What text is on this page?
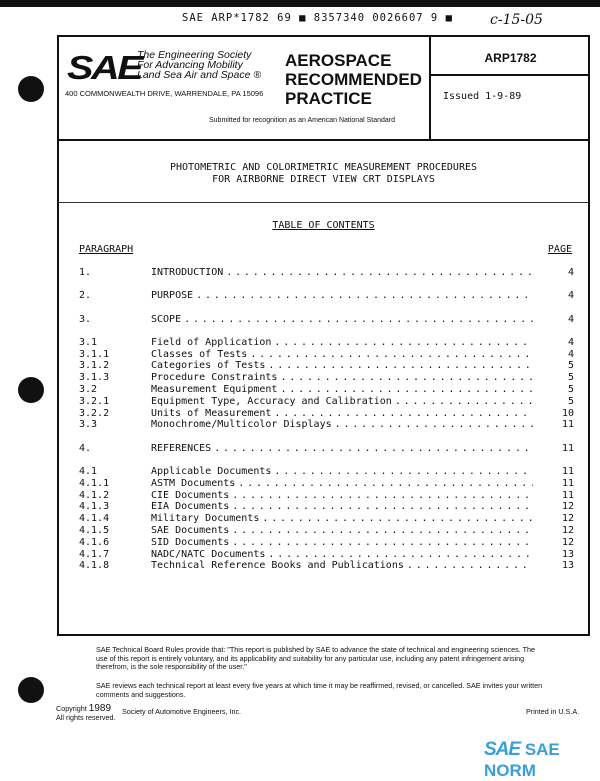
SAE ARP*1782 69 ■ 8357340 0026607 9 ■	c-15-05
SAE
The Engineering Society
For Advancing Mobility
Land Sea Air and Space ®
400 COMMONWEALTH DRIVE, WARRENDALE, PA 15096
AEROSPACE
RECOMMENDED
PRACTICE
Submitted for recognition as an American National Standard
ARP1782
Issued 1-9-89
PHOTOMETRIC AND COLORIMETRIC MEASUREMENT PROCEDURES
FOR AIRBORNE DIRECT VIEW CRT DISPLAYS
TABLE OF CONTENTS
PARAGRAPH	PAGE
1.	INTRODUCTION . . .	4
2.	PURPOSE . . .	4
3.	SCOPE . . .	4
3.1	Field of Application . . .	4
3.1.1	Classes of Tests . . .	4
3.1.2	Categories of Tests . . .	5
3.1.3	Procedure Constraints . . .	5
3.2	Measurement Equipment . . .	5
3.2.1	Equipment Type, Accuracy and Calibration . . .	5
3.2.2	Units of Measurement . . .	10
3.3	Monochrome/Multicolor Displays . . .	11
4.	REFERENCES . . .	11
4.1	Applicable Documents . . .	11
4.1.1	ASTM Documents . . .	11
4.1.2	CIE Documents . . .	11
4.1.3	EIA Documents . . .	12
4.1.4	Military Documents . . .	12
4.1.5	SAE Documents . . .	12
4.1.6	SID Documents . . .	12
4.1.7	NADC/NATC Documents . . .	13
4.1.8	Technical Reference Books and Publications . . .	13
SAE Technical Board Rules provide that: "This report is published by SAE to advance the state of technical and engineering sciences. The use of this report is entirely voluntary, and its applicability and suitability for any particular use, including any patent infringement arising therefrom, is the sole responsibility of the user."
SAE reviews each technical report at least every five years at which time it may be reaffirmed, revised, or cancelled. SAE invites your written comments and suggestions.
Copyright 1989
All rights reserved.
Society of Automotive Engineers, Inc.	Printed in U.S.A.
SAE SAE NORM
